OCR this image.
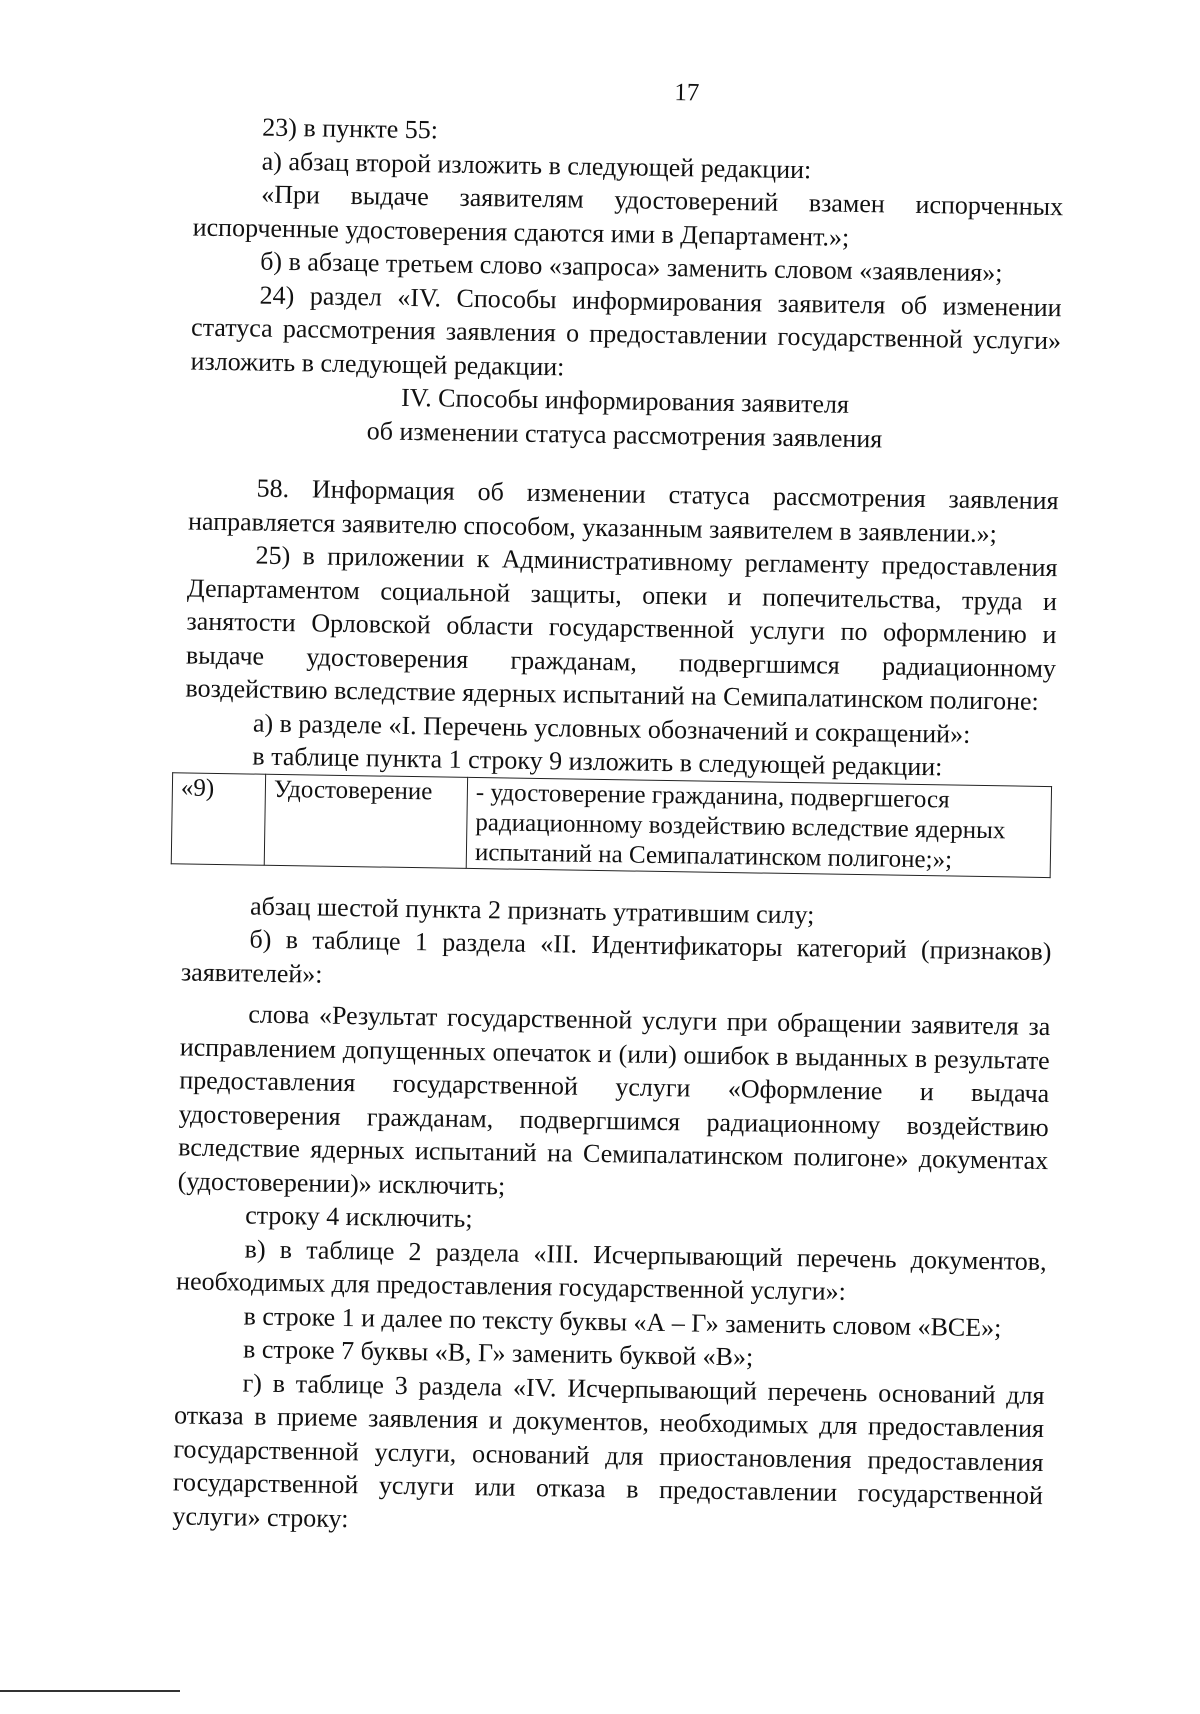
17

23) в пункте 55:

а) абзац второй изложить в следующей редакции:

«При выдаче заявителям удостоверений взамен испорченных испорченные удостоверения сдаются ими в Департамент.»;

б) в абзаце третьем слово «запроса» заменить словом «заявления»;

24) раздел «IV. Способы информирования заявителя об изменении статуса рассмотрения заявления о предоставлении государственной услуги» изложить в следующей редакции:

IV. Способы информирования заявителя

об изменении статуса рассмотрения заявления

58. Информация об изменении статуса рассмотрения заявления направляется заявителю способом, указанным заявителем в заявлении.»;

25) в приложении к Административному регламенту предоставления Департаментом социальной защиты, опеки и попечительства, труда и занятости Орловской области государственной услуги по оформлению и выдаче удостоверения гражданам, подвергшимся радиационному воздействию вследствие ядерных испытаний на Семипалатинском полигоне:

а) в разделе «I. Перечень условных обозначений и сокращений»:

в таблице пункта 1 строку 9 изложить в следующей редакции:

«9)	Удостоверение	- удостоверение гражданина, подвергшегося радиационному воздействию вследствие ядерных испытаний на Семипалатинском полигоне;»;

абзац шестой пункта 2 признать утратившим силу;

б) в таблице 1 раздела «II. Идентификаторы категорий (признаков) заявителей»:

слова «Результат государственной услуги при обращении заявителя за исправлением допущенных опечаток и (или) ошибок в выданных в результате предоставления государственной услуги «Оформление и выдача удостоверения гражданам, подвергшимся радиационному воздействию вследствие ядерных испытаний на Семипалатинском полигоне» документах (удостоверении)» исключить;

строку 4 исключить;

в) в таблице 2 раздела «III. Исчерпывающий перечень документов, необходимых для предоставления государственной услуги»:

в строке 1 и далее по тексту буквы «А – Г» заменить словом «ВСЕ»;

в строке 7 буквы «В, Г» заменить буквой «В»;

г) в таблице 3 раздела «IV. Исчерпывающий перечень оснований для отказа в приеме заявления и документов, необходимых для предоставления государственной услуги, оснований для приостановления предоставления государственной услуги или отказа в предоставлении государственной услуги» строку:
